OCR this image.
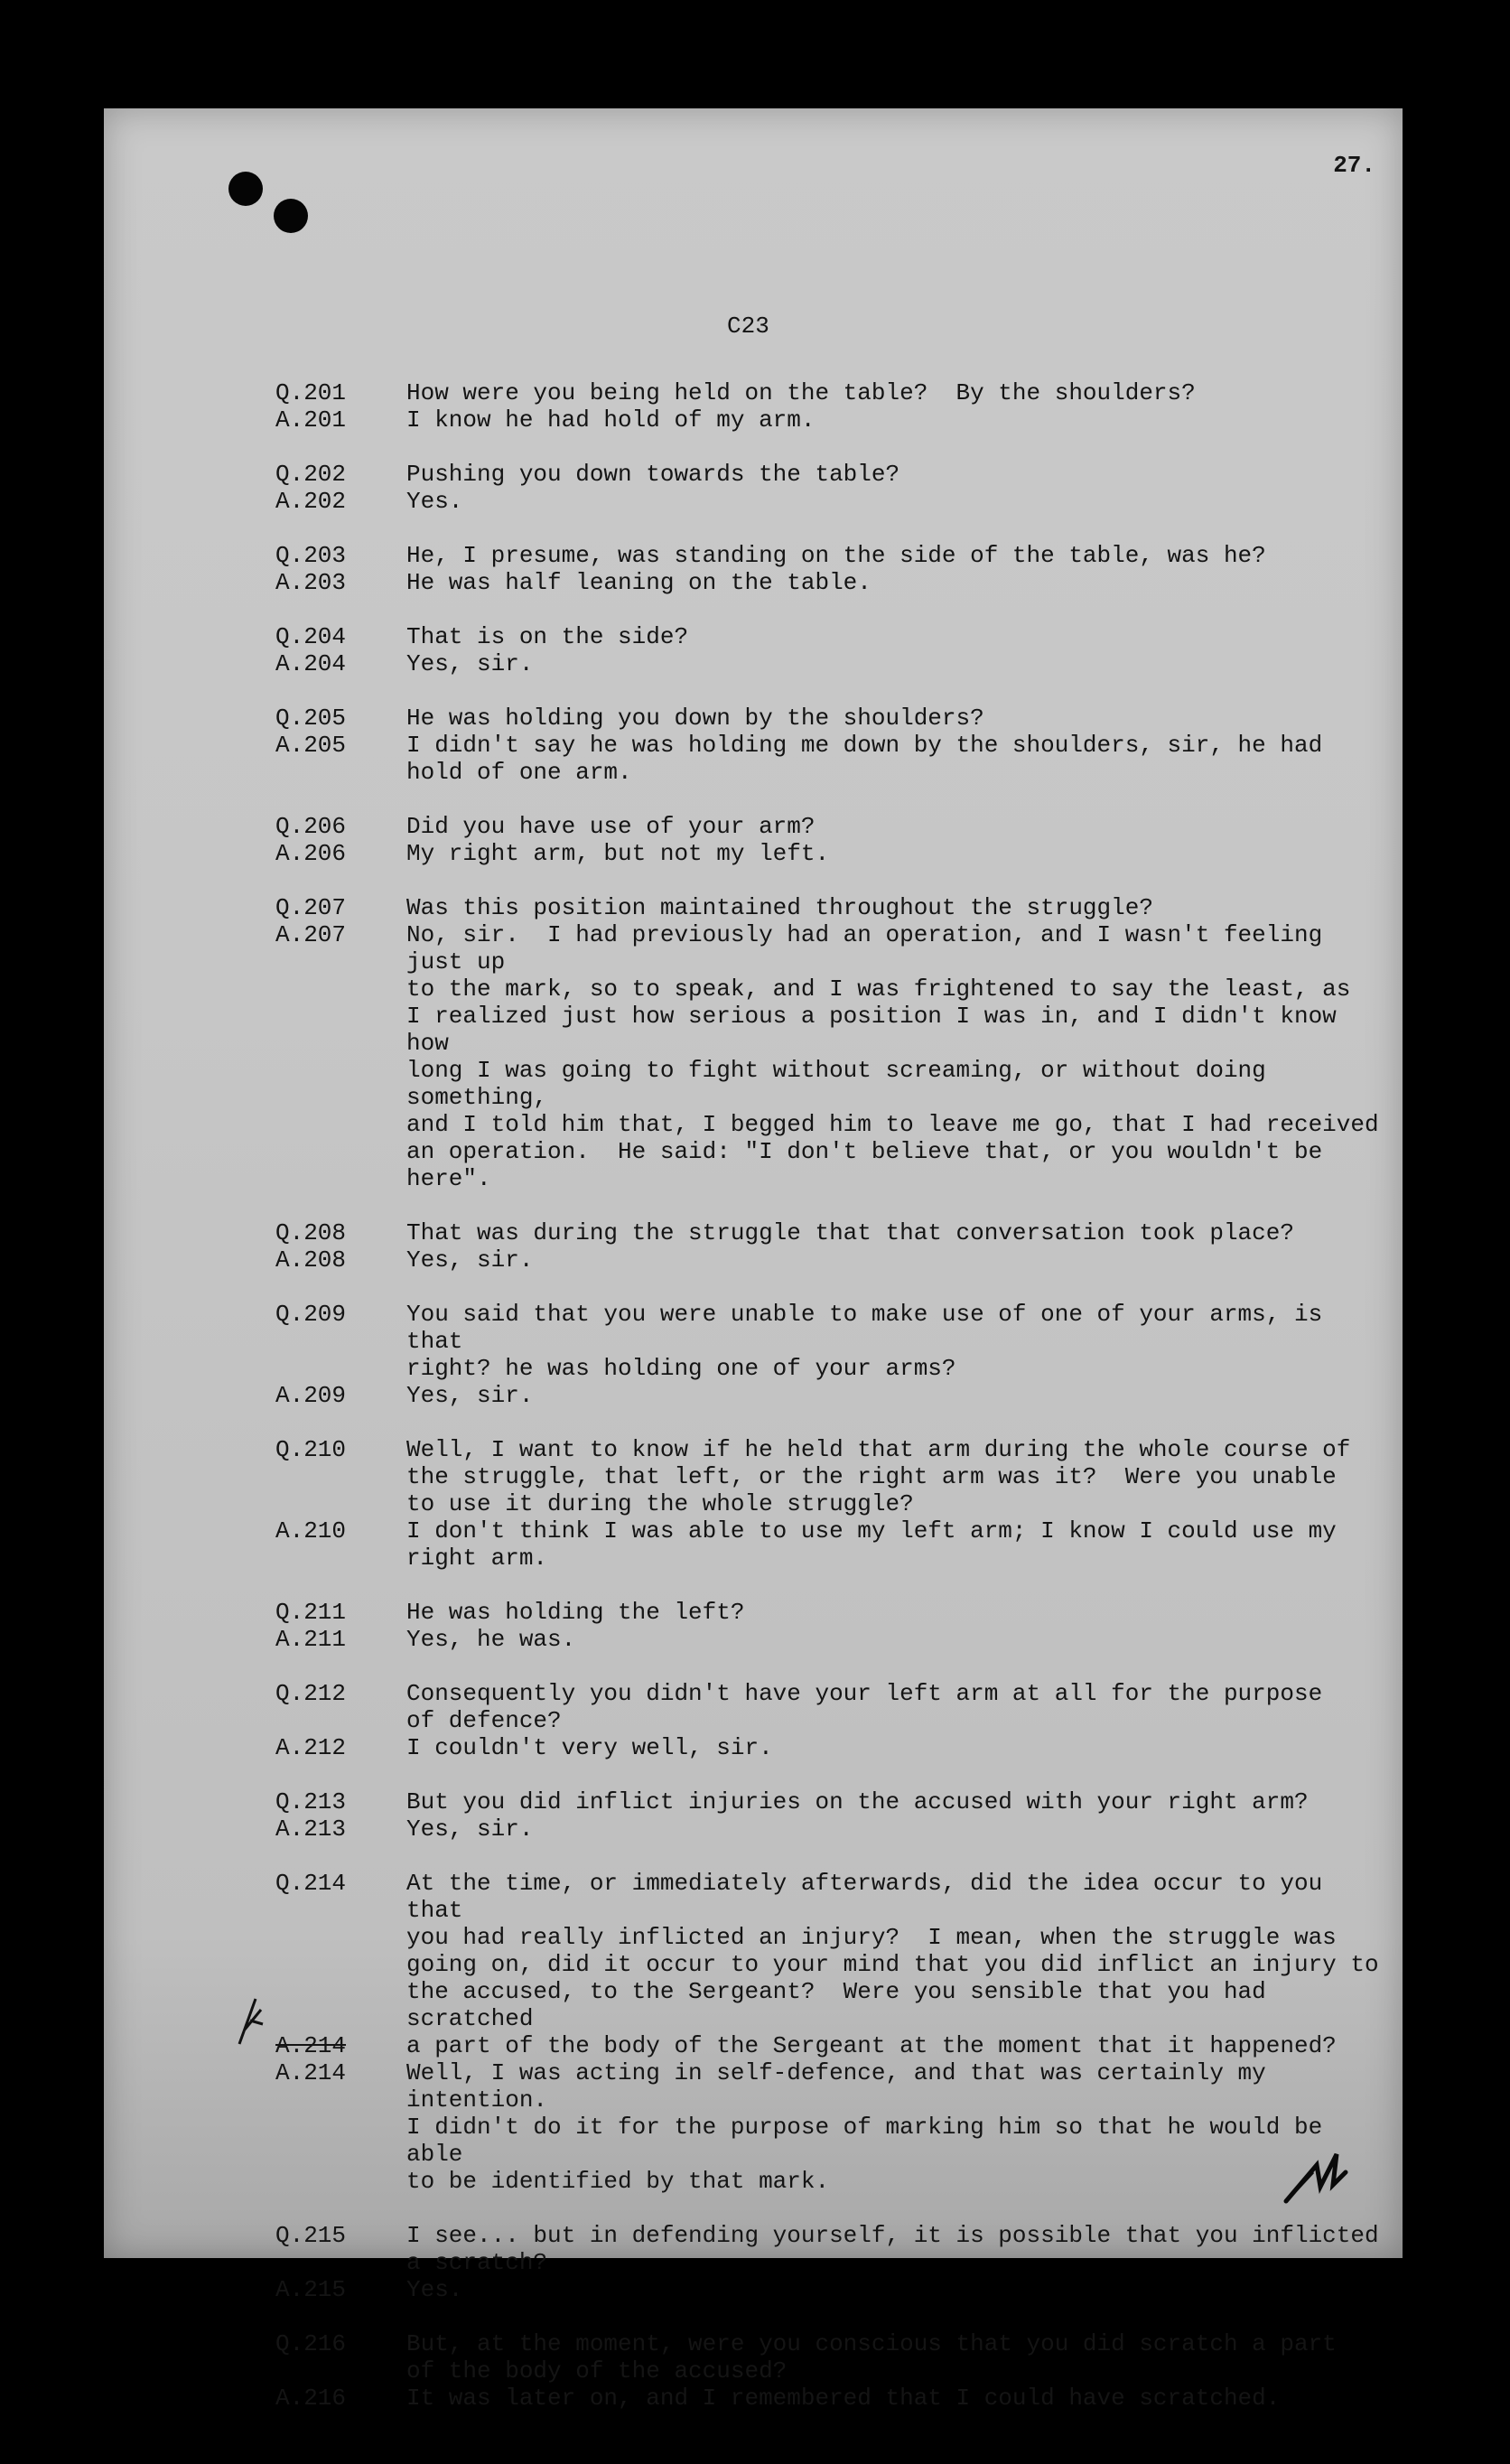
27.
C23
Q.201	How were you being held on the table?  By the shoulders?
A.201	I know he had hold of my arm.
Q.202	Pushing you down towards the table?
A.202	Yes.
Q.203	He, I presume, was standing on the side of the table, was he?
A.203	He was half leaning on the table.
Q.204	That is on the side?
A.204	Yes, sir.
Q.205	He was holding you down by the shoulders?
A.205	I didn't say he was holding me down by the shoulders, sir, he had
hold of one arm.
Q.206	Did you have use of your arm?
A.206	My right arm, but not my left.
Q.207	Was this position maintained throughout the struggle?
A.207	No, sir.  I had previously had an operation, and I wasn't feeling just up
to the mark, so to speak, and I was frightened to say the least, as
I realized just how serious a position I was in, and I didn't know how
long I was going to fight without screaming, or without doing something,
and I told him that, I begged him to leave me go, that I had received
an operation.  He said: "I don't believe that, or you wouldn't be here".
Q.208	That was during the struggle that that conversation took place?
A.208	Yes, sir.
Q.209	You said that you were unable to make use of one of your arms, is that
right? he was holding one of your arms?
A.209	Yes, sir.
Q.210	Well, I want to know if he held that arm during the whole course of
the struggle, that left, or the right arm was it?  Were you unable
to use it during the whole struggle?
A.210	I don't think I was able to use my left arm; I know I could use my
right arm.
Q.211	He was holding the left?
A.211	Yes, he was.
Q.212	Consequently you didn't have your left arm at all for the purpose
of defence?
A.212	I couldn't very well, sir.
Q.213	But you did inflict injuries on the accused with your right arm?
A.213	Yes, sir.
Q.214	At the time, or immediately afterwards, did the idea occur to you that
you had really inflicted an injury?  I mean, when the struggle was
going on, did it occur to your mind that you did inflict an injury to
the accused, to the Sergeant?  Were you sensible that you had scratched
A.214	a part of the body of the Sergeant at the moment that it happened?
A.214	Well, I was acting in self-defence, and that was certainly my intention.
I didn't do it for the purpose of marking him so that he would be able
to be identified by that mark.
Q.215	I see... but in defending yourself, it is possible that you inflicted
a scratch?
A.215	Yes.
Q.216	But, at the moment, were you conscious that you did scratch a part
of the body of the accused?
A.216	It was later on, and I remembered that I could have scratched.
